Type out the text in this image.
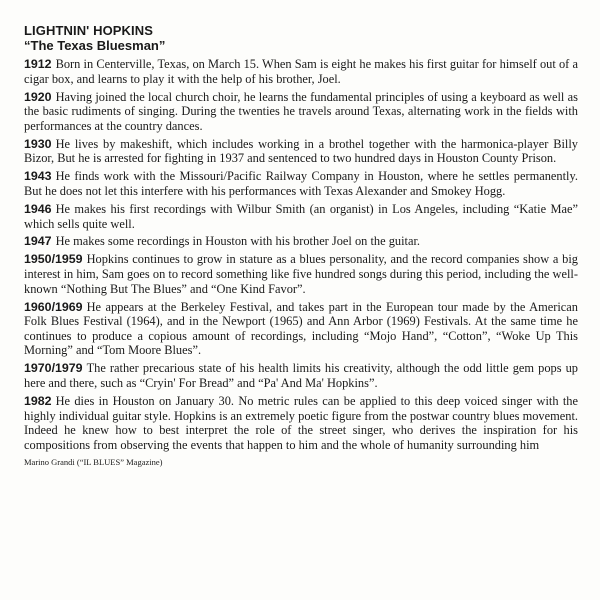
LIGHTNIN' HOPKINS
“The Texas Bluesman”

1912 Born in Centerville, Texas, on March 15. When Sam is eight he makes his first guitar for himself out of a cigar box, and learns to play it with the help of his brother, Joel.

1920 Having joined the local church choir, he learns the fundamental principles of using a keyboard as well as the basic rudiments of singing. During the twenties he travels around Texas, alternating work in the fields with performances at the country dances.

1930 He lives by makeshift, which includes working in a brothel together with the harmonica-player Billy Bizor, But he is arrested for fighting in 1937 and sentenced to two hundred days in Houston County Prison.

1943 He finds work with the Missouri/Pacific Railway Company in Houston, where he settles permanently. But he does not let this interfere with his performances with Texas Alexander and Smokey Hogg.

1946 He makes his first recordings with Wilbur Smith (an organist) in Los Angeles, including “Katie Mae” which sells quite well.

1947 He makes some recordings in Houston with his brother Joel on the guitar.

1950/1959 Hopkins continues to grow in stature as a blues personality, and the record companies show a big interest in him, Sam goes on to record something like five hundred songs during this period, including the well-known “Nothing But The Blues” and “One Kind Favor”.

1960/1969 He appears at the Berkeley Festival, and takes part in the European tour made by the American Folk Blues Festival (1964), and in the Newport (1965) and Ann Arbor (1969) Festivals. At the same time he continues to produce a copious amount of recordings, including “Mojo Hand”, “Cotton”, “Woke Up This Morning” and “Tom Moore Blues”.

1970/1979 The rather precarious state of his health limits his creativity, although the odd little gem pops up here and there, such as “Cryin' For Bread” and “Pa' And Ma' Hopkins”.

1982 He dies in Houston on January 30. No metric rules can be applied to this deep voiced singer with the highly individual guitar style. Hopkins is an extremely poetic figure from the postwar country blues movement. Indeed he knew how to best interpret the role of the street singer, who derives the inspiration for his compositions from observing the events that happen to him and the whole of humanity surrounding him

Marino Grandi (“IL BLUES” Magazine)
